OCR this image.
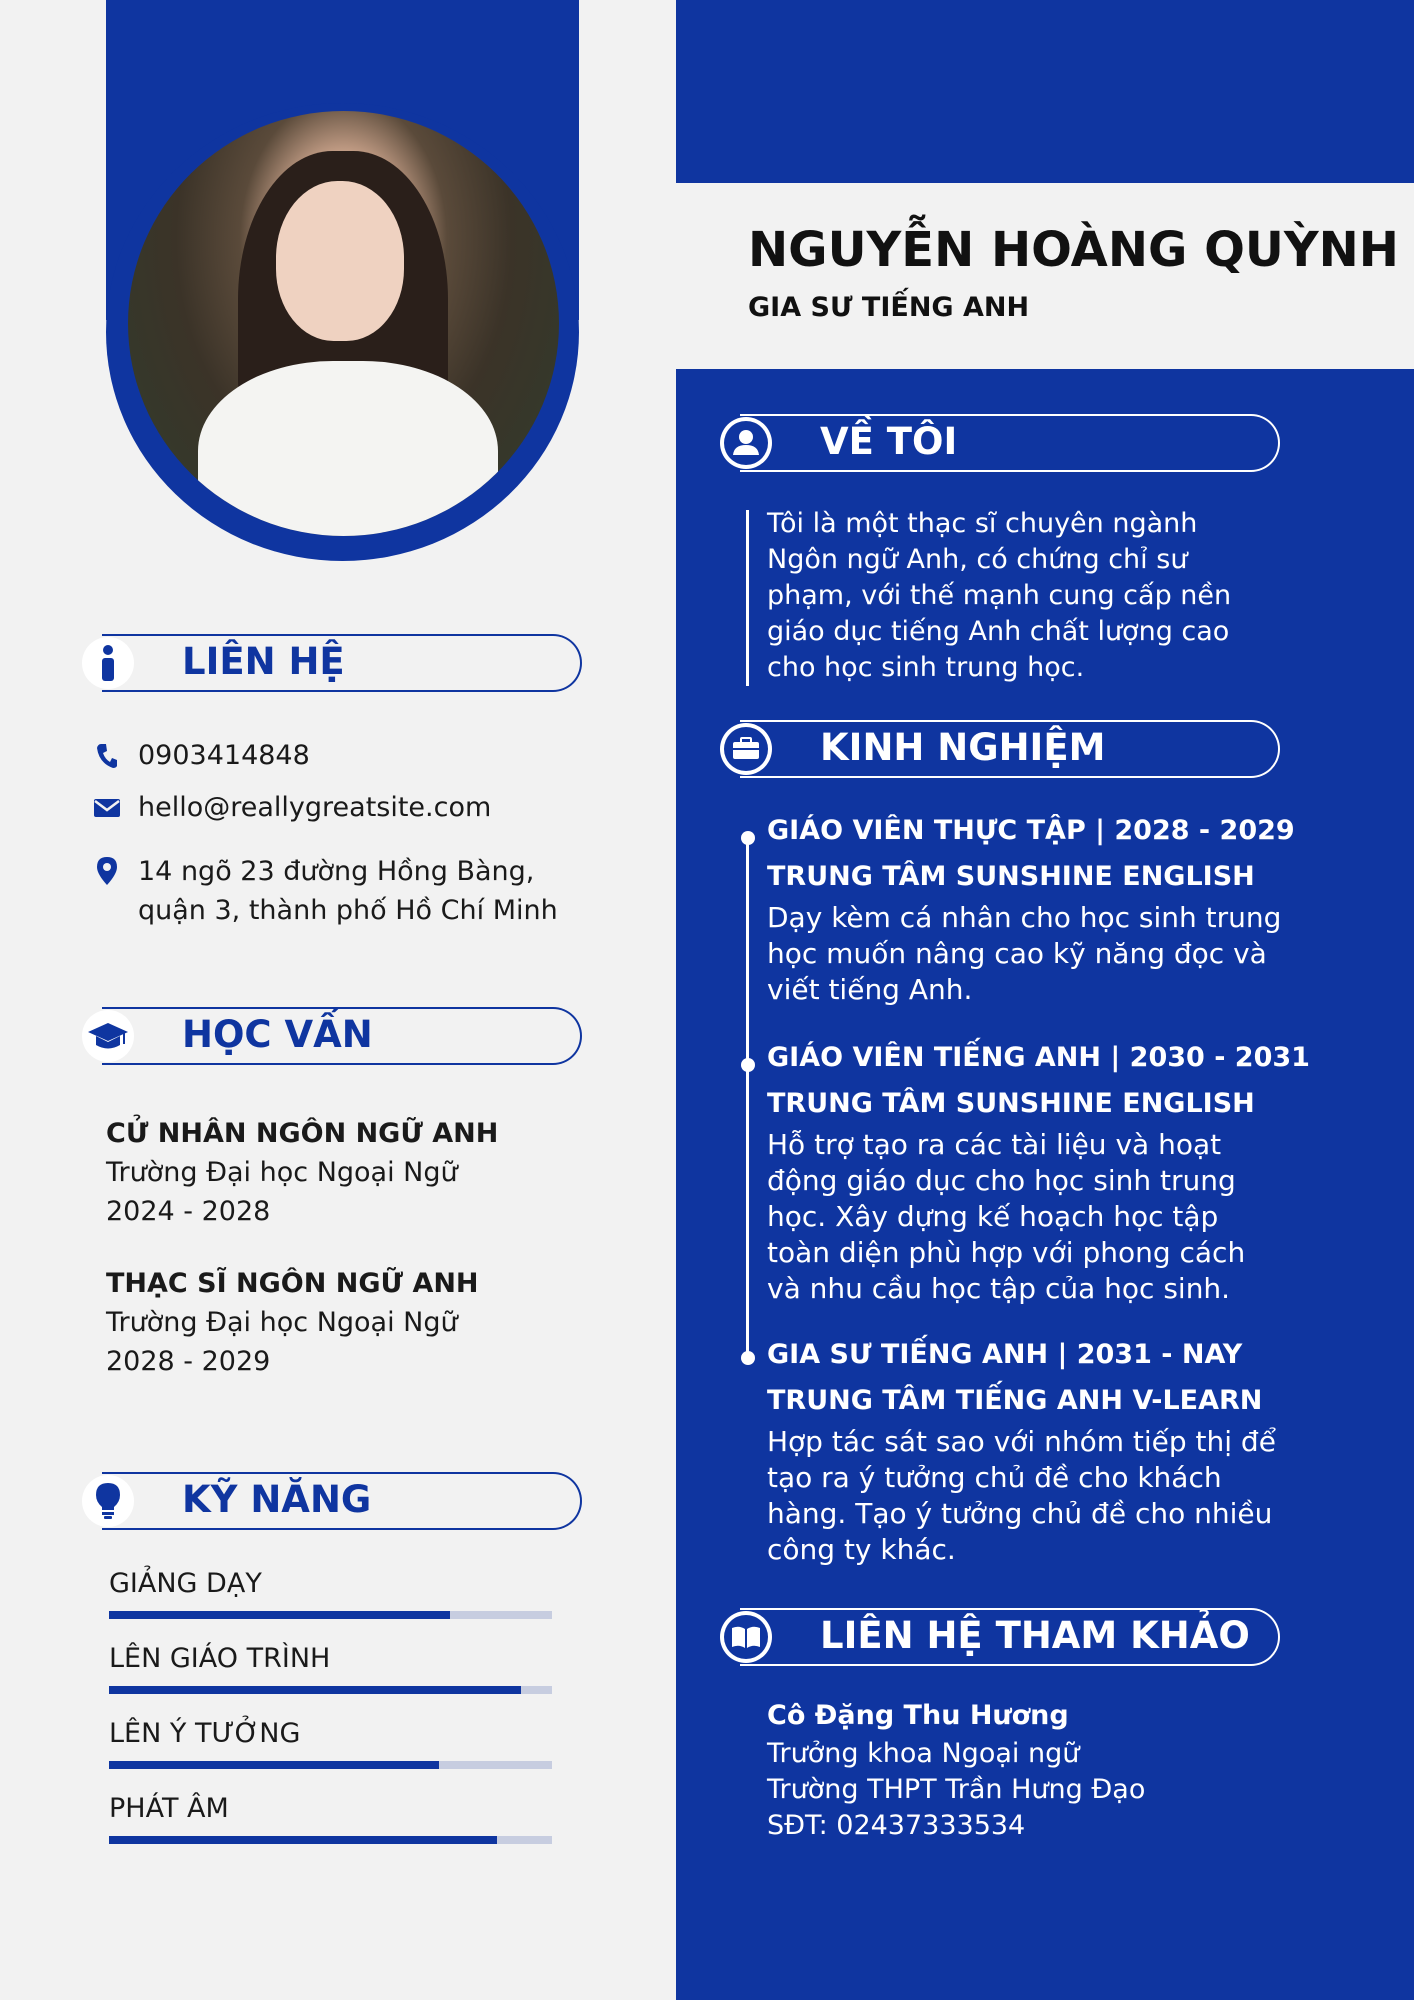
LIÊN HỆ
0903414848
hello@reallygreatsite.com
14 ngõ 23 đường Hồng Bàng,
quận 3, thành phố Hồ Chí Minh
HỌC VẤN
CỬ NHÂN NGÔN NGỮ ANH
Trường Đại học Ngoại Ngữ
2024 - 2028
THẠC SĨ NGÔN NGỮ ANH
Trường Đại học Ngoại Ngữ
2028 - 2029
KỸ NĂNG
GIẢNG DẠY
LÊN GIÁO TRÌNH
LÊN Ý TƯỞNG
PHÁT ÂM
NGUYỄN HOÀNG QUỲNH
GIA SƯ TIẾNG ANH
VỀ TÔI
Tôi là một thạc sĩ chuyên ngành
Ngôn ngữ Anh, có chứng chỉ sư
phạm, với thế mạnh cung cấp nền
giáo dục tiếng Anh chất lượng cao
cho học sinh trung học.
KINH NGHIỆM
GIÁO VIÊN THỰC TẬP | 2028 - 2029
TRUNG TÂM SUNSHINE ENGLISH
Dạy kèm cá nhân cho học sinh trung
học muốn nâng cao kỹ năng đọc và
viết tiếng Anh.
GIÁO VIÊN TIẾNG ANH | 2030 - 2031
TRUNG TÂM SUNSHINE ENGLISH
Hỗ trợ tạo ra các tài liệu và hoạt
động giáo dục cho học sinh trung
học. Xây dựng kế hoạch học tập
toàn diện phù hợp với phong cách
và nhu cầu học tập của học sinh.
GIA SƯ TIẾNG ANH | 2031 - NAY
TRUNG TÂM TIẾNG ANH V-LEARN
Hợp tác sát sao với nhóm tiếp thị để
tạo ra ý tưởng chủ đề cho khách
hàng. Tạo ý tưởng chủ đề cho nhiều
công ty khác.
LIÊN HỆ THAM KHẢO
Cô Đặng Thu Hương
Trưởng khoa Ngoại ngữ
Trường THPT Trần Hưng Đạo
SĐT: 02437333534
